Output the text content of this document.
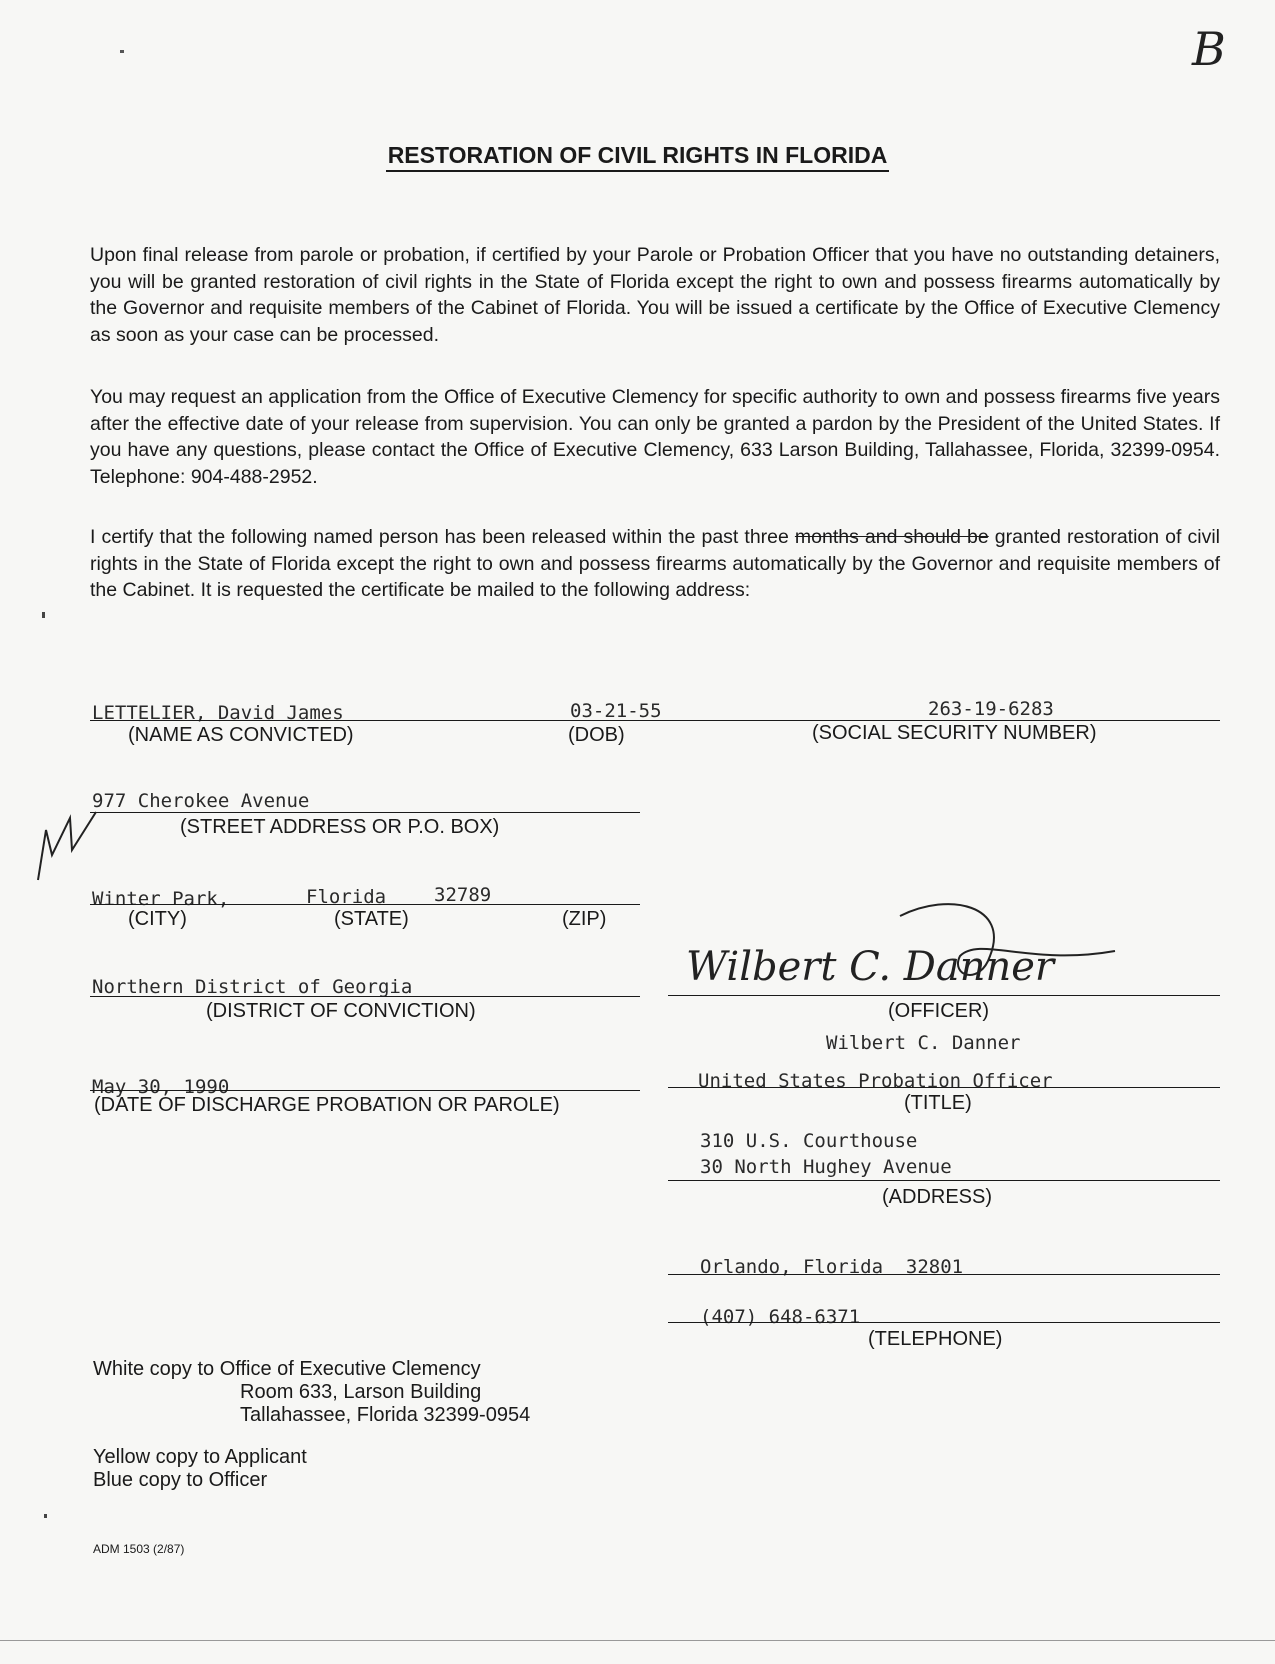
B
RESTORATION OF CIVIL RIGHTS IN FLORIDA
Upon final release from parole or probation, if certified by your Parole or Probation Officer that you have no outstanding detainers, you will be granted restoration of civil rights in the State of Florida except the right to own and possess firearms automatically by the Governor and requisite members of the Cabinet of Florida. You will be issued a certificate by the Office of Executive Clemency as soon as your case can be processed.
You may request an application from the Office of Executive Clemency for specific authority to own and possess firearms five years after the effective date of your release from supervision. You can only be granted a pardon by the President of the United States. If you have any questions, please contact the Office of Executive Clemency, 633 Larson Building, Tallahassee, Florida, 32399-0954. Telephone: 904-488-2952.
I certify that the following named person has been released within the past three months and should be granted restoration of civil rights in the State of Florida except the right to own and possess firearms automatically by the Governor and requisite members of the Cabinet. It is requested the certificate be mailed to the following address:
LETTELIER, David James	03-21-55	263-19-6283
(NAME AS CONVICTED)	(DOB)	(SOCIAL SECURITY NUMBER)
977 Cherokee Avenue
(STREET ADDRESS OR P.O. BOX)
Winter Park,	Florida	32789
(CITY)	(STATE)	(ZIP)
Northern District of Georgia
(DISTRICT OF CONVICTION)
May 30, 1990
(DATE OF DISCHARGE PROBATION OR PAROLE)
Wilbert C. Danner
(OFFICER)
Wilbert C. Danner
United States Probation Officer
(TITLE)
310 U.S. Courthouse
30 North Hughey Avenue
(ADDRESS)
Orlando, Florida  32801
(407) 648-6371
(TELEPHONE)
White copy to Office of Executive Clemency
Room 633, Larson Building
Tallahassee, Florida 32399-0954
Yellow copy to Applicant
Blue copy to Officer
ADM 1503 (2/87)
